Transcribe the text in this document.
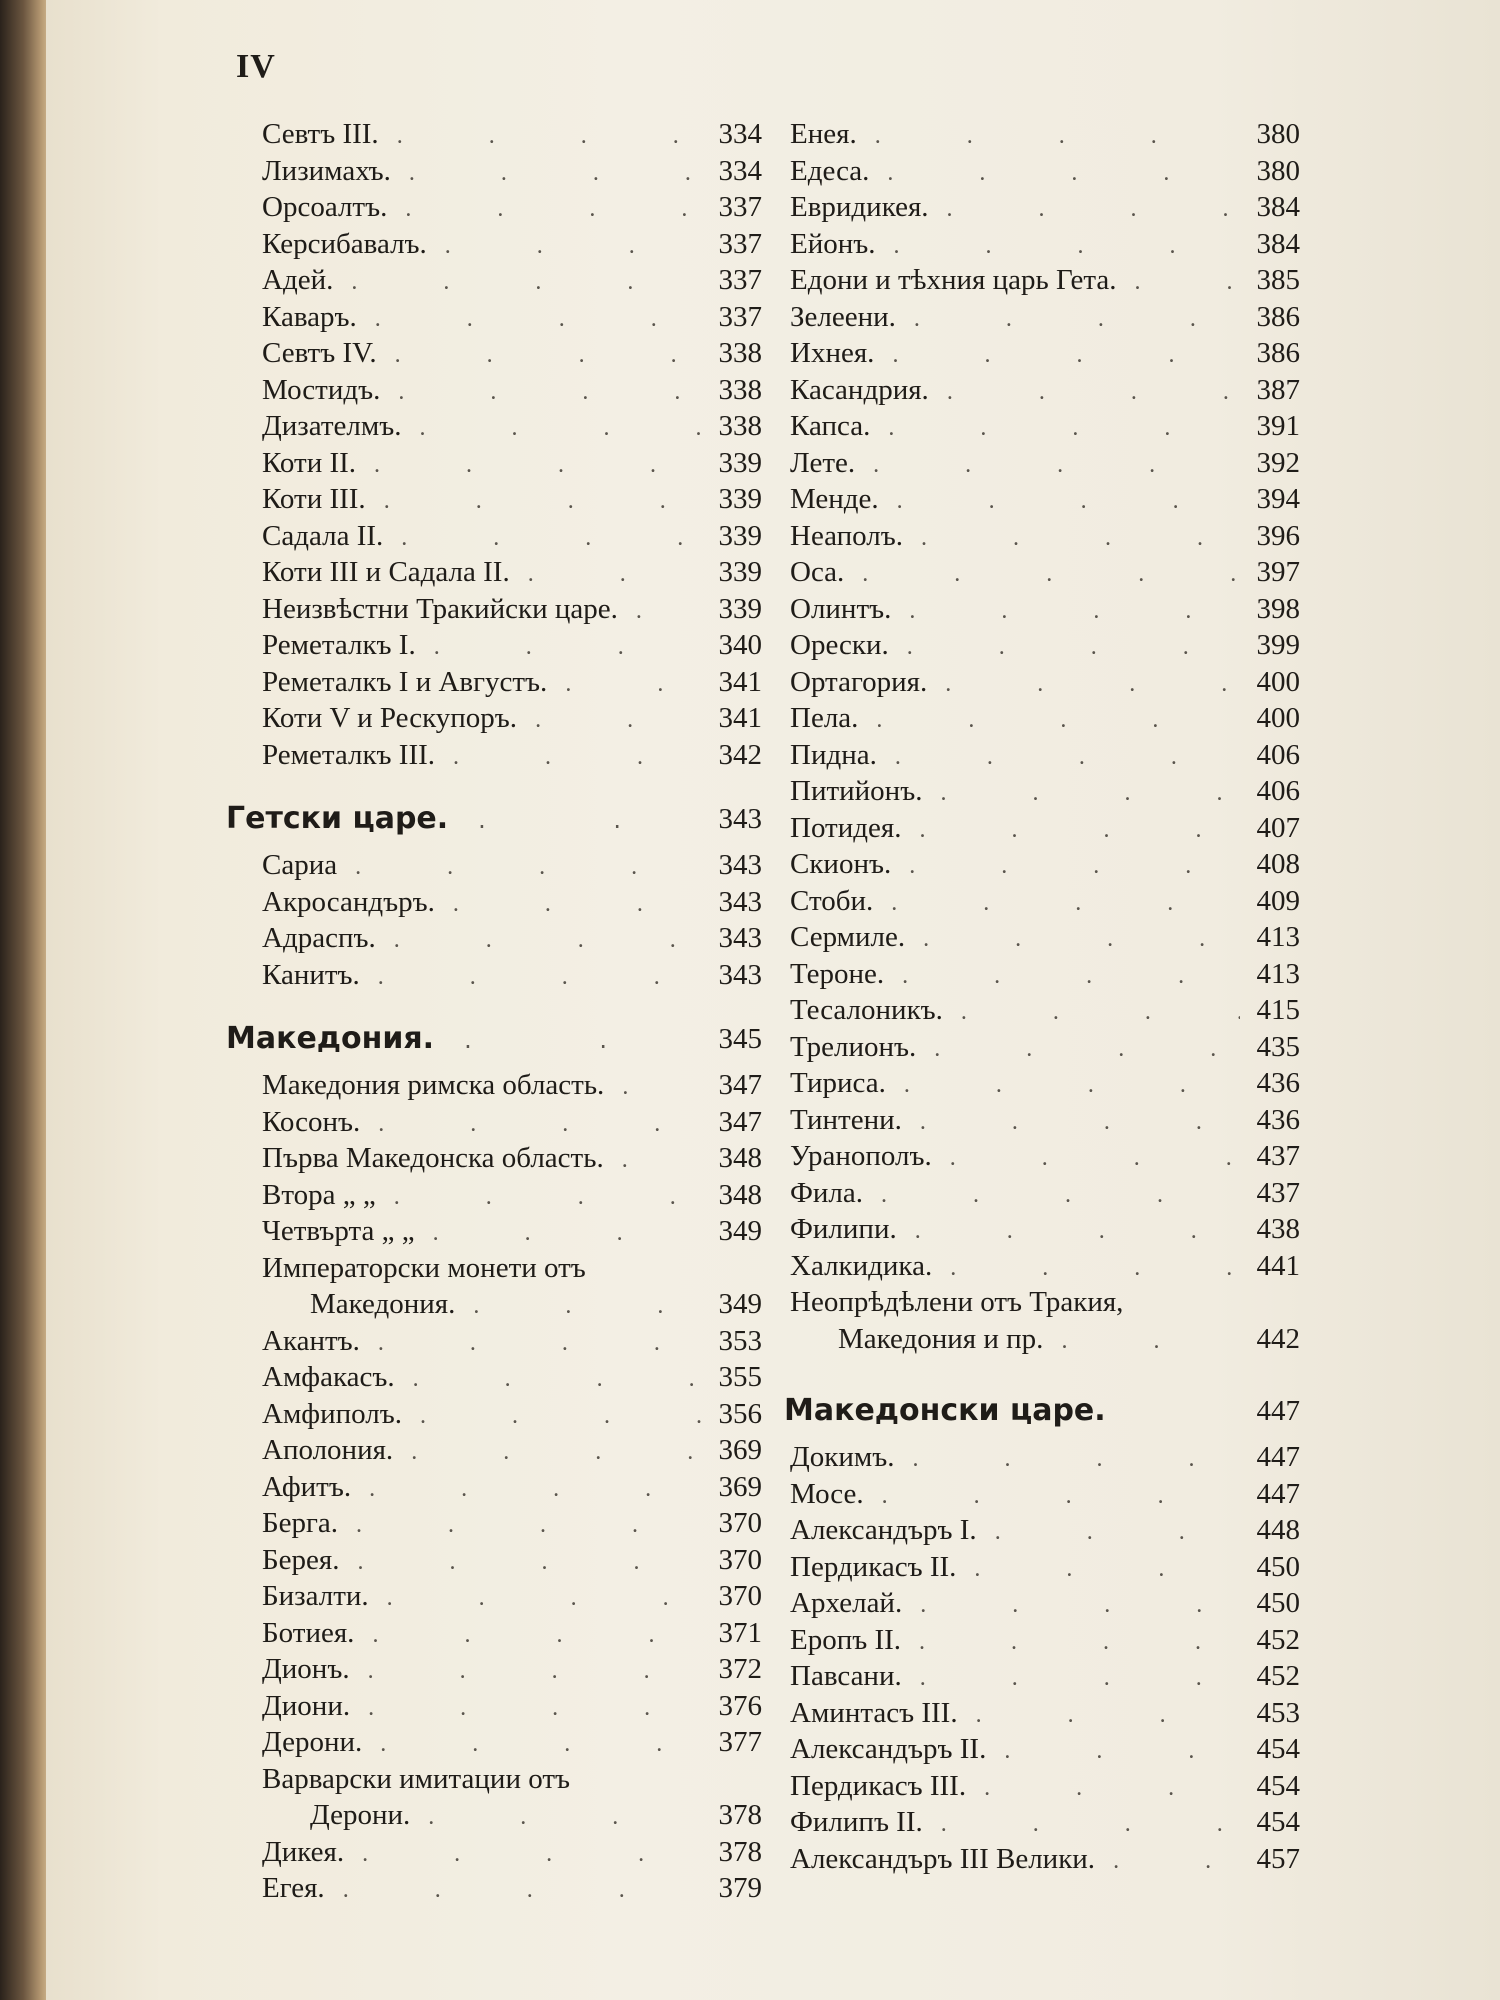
IV
Севтъ III. . . .	334
Лизимахъ. . . .	334
Орсоалтъ. . . .	337
Керсибавалъ. . . .	337
Адей. . . .	337
Каваръ. . . .	337
Севтъ IV. . . .	338
Мостидъ. . . .	338
Дизателмъ. . . .	338
Коти II. . . .	339
Коти III. . . .	339
Садала II. . . .	339
Коти III и Садала II. . . .	339
Неизвѣстни Тракийски царе. . . .	339
Реметалкъ I. . . .	340
Реметалкъ I и Августъ. . . .	341
Коти V и Рескупоръ. . . .	341
Реметалкъ III. . . .	342
Гетски царе. . . .	343
Сариа . . .	343
Акросандъръ. . . .	343
Адраспъ. . . .	343
Канитъ. . . .	343
Македония. . . .	345
Македония римска область. . . .	347
Косонъ. . . .	347
Първа Македонска область. . . .	348
Втора „ „ . . .	348
Четвърта „ „ . . .	349
Императорски монети отъ
Македония. . . .	349
Акантъ. . . .	353
Амфакасъ. . . .	355
Амфиполъ. . . .	356
Аполония. . . .	369
Афитъ. . . .	369
Берга. . . .	370
Берея. . . .	370
Бизалти. . . .	370
Ботиея. . . .	371
Дионъ. . . .	372
Диони. . . .	376
Дерони. . . .	377
Варварски имитации отъ
Дерони. . . .	378
Дикея. . . .	378
Егея. . . .	379
Енея. . . .	380
Едеса. . . .	380
Евридикея. . . .	384
Ейонъ. . . .	384
Едони и тѣхния царь Гета. . . .	385
Зелеени. . . .	386
Ихнея. . . .	386
Касандрия. . . .	387
Капса. . . .	391
Лете. . . .	392
Менде. . . .	394
Неаполъ. . . .	396
Оса. . . .	397
Олинтъ. . . .	398
Орески. . . .	399
Ортагория. . . .	400
Пела. . . .	400
Пидна. . . .	406
Питийонъ. . . .	406
Потидея. . . .	407
Скионъ. . . .	408
Стоби. . . .	409
Сермиле. . . .	413
Тероне. . . .	413
Тесалоникъ. . . .	415
Трелионъ. . . .	435
Тириса. . . .	436
Тинтени. . . .	436
Уранополъ. . . .	437
Фила. . . .	437
Филипи. . . .	438
Халкидика. . . .	441
Неопрѣдѣлени отъ Тракия,
Македония и пр. . . .	442
Македонски царе.	447
Докимъ. . . .	447
Мосе. . . .	447
Александъръ I. . . .	448
Пердикасъ II. . . .	450
Архелай. . . .	450
Еропъ II. . . .	452
Павсани. . . .	452
Аминтасъ III. . . .	453
Александъръ II. . . .	454
Пердикасъ III. . . .	454
Филипъ II. . . .	454
Александъръ III Велики. . . .	457
